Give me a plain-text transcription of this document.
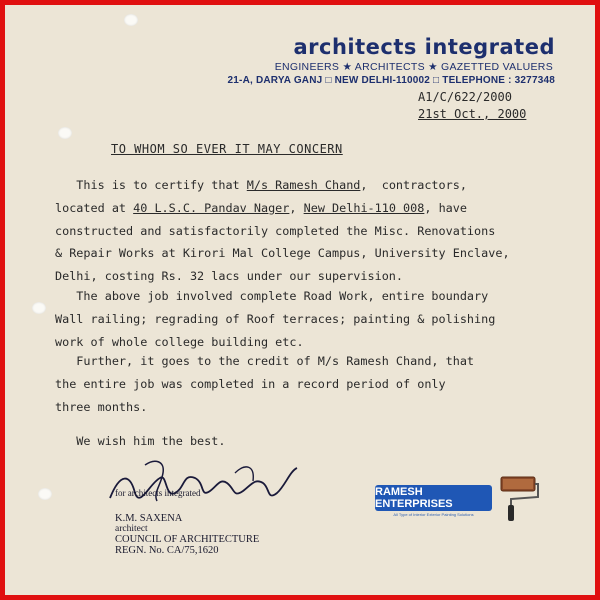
architects integrated
ENGINEERS ★ ARCHITECTS ★ GAZETTED VALUERS
21-A, DARYA GANJ □ NEW DELHI-110002 □ TELEPHONE : 3277348
A1/C/622/2000
21st Oct., 2000
TO WHOM SO EVER IT MAY CONCERN
This is to certify that M/s Ramesh Chand,  contractors,
located at 40 L.S.C. Pandav Nager, New Delhi-110 008, have
constructed and satisfactorily completed the Misc. Renovations
& Repair Works at Kirori Mal College Campus, University Enclave,
Delhi, costing Rs. 32 lacs under our supervision.
The above job involved complete Road Work, entire boundary
Wall railing; regrading of Roof terraces; painting & polishing
work of whole college building etc.
Further, it goes to the credit of M/s Ramesh Chand, that
the entire job was completed in a record period of only
three months.
We wish him the best.
for architects integrated
K.M. SAXENA
architect
COUNCIL OF ARCHITECTURE
REGN. No. CA/75,1620
RAMESH ENTERPRISES
All Type of Interior Exterior Painting Solutions
